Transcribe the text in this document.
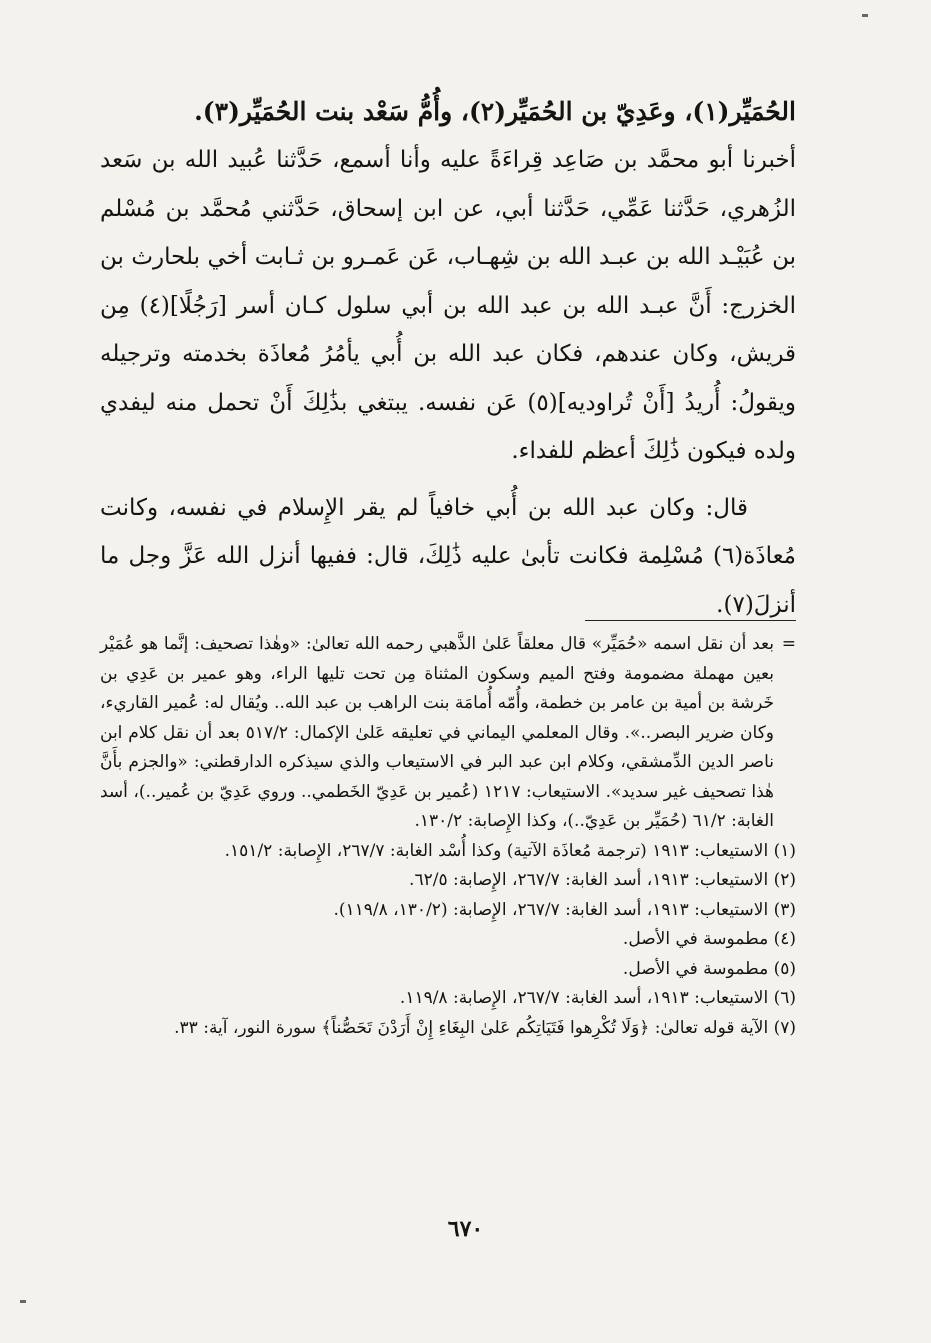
الحُمَيِّر(١)، وعَدِيّ بن الحُمَيِّر(٢)، وأُمُّ سَعْد بنت الحُمَيِّر(٣).

أخبرنا أبو محمَّد بن صَاعِد قِراءَةً عليه وأنا أسمع، حَدَّثنا عُبيد الله بن سَعد الزُهري، حَدَّثنا عَمِّي، حَدَّثنا أبي، عن ابن إسحاق، حَدَّثني مُحمَّد بن مُسْلم بن عُبَيْـد الله بن عبـد الله بن شِهـاب، عَن عَمـرو بن ثـابت أخي بلحارث بن الخزرج: أَنَّ عبـد الله بن عبد الله بن أبي سلول كـان أسر [رَجُلًا](٤) مِن قريش، وكان عندهم، فكان عبد الله بن أُبي يأمُرُ مُعاذَة بخدمته وترجيله ويقولُ: أُريدُ [أَنْ تُراوديه](٥) عَن نفسه. يبتغي بذَٰلِكَ أَنْ تحمل منه ليفدي ولده فيكون ذَٰلِكَ أعظم للفداء.

قال: وكان عبد الله بن أُبي خافياً لم يقر الإِسلام في نفسه، وكانت مُعاذَة(٦) مُسْلِمة فكانت تأبىٰ عليه ذَٰلِكَ، قال: ففيها أنزل الله عَزَّ وجل ما أنزلَ(٧).

=
بعد أن نقل اسمه «حُمَيِّر» قال معلقاً عَلىٰ الذَّهبي رحمه الله تعالىٰ: «وهٰذا تصحيف: إنَّما هو عُمَيْر بعين مهملة مضمومة وفتح الميم وسكون المثناة مِن تحت تليها الراء، وهو عمير بن عَدِي بن خَرشة بن أمية بن عامر بن خطمة، وأُمّه أُمامَة بنت الراهب بن عبد الله.. ويُقال له: عُمير القاريء، وكان ضرير البصر..». وقال المعلمي اليماني في تعليقه عَلىٰ الإكمال: ٥١٧/٢ بعد أن نقل كلام ابن ناصر الدين الدِّمشقي، وكلام ابن عبد البر في الاستيعاب والذي سيذكره الدارقطني: «والجزم بأَنَّ هٰذا تصحيف غير سديد». الاستيعاب: ١٢١٧ (عُمير بن عَدِيّ الخَطمي.. وروي عَدِيّ بن عُمير..)، أسد الغابة: ٦١/٢ (حُمَيِّر بن عَدِيّ..)، وكذا الإِصابة: ١٣٠/٢.

(١) الاستيعاب: ١٩١٣ (ترجمة مُعاذَة الآتية) وكذا أُسْد الغابة: ٢٦٧/٧، الإِصابة: ١٥١/٢.

(٢) الاستيعاب: ١٩١٣، أسد الغابة: ٢٦٧/٧، الإِصابة: ٦٢/٥.

(٣) الاستيعاب: ١٩١٣، أسد الغابة: ٢٦٧/٧، الإِصابة: (١٣٠/٢، ١١٩/٨).

(٤) مطموسة في الأصل.

(٥) مطموسة في الأصل.

(٦) الاستيعاب: ١٩١٣، أسد الغابة: ٢٦٧/٧، الإِصابة: ١١٩/٨.

(٧) الآية قوله تعالىٰ: ﴿وَلَا تُكْرِهوا فَتَيَاتِكُم عَلىٰ البِغَاءِ إِنْ أَرَدْنَ تَحَصُّناً﴾ سورة النور، آية: ٣٣.

٦٧٠
